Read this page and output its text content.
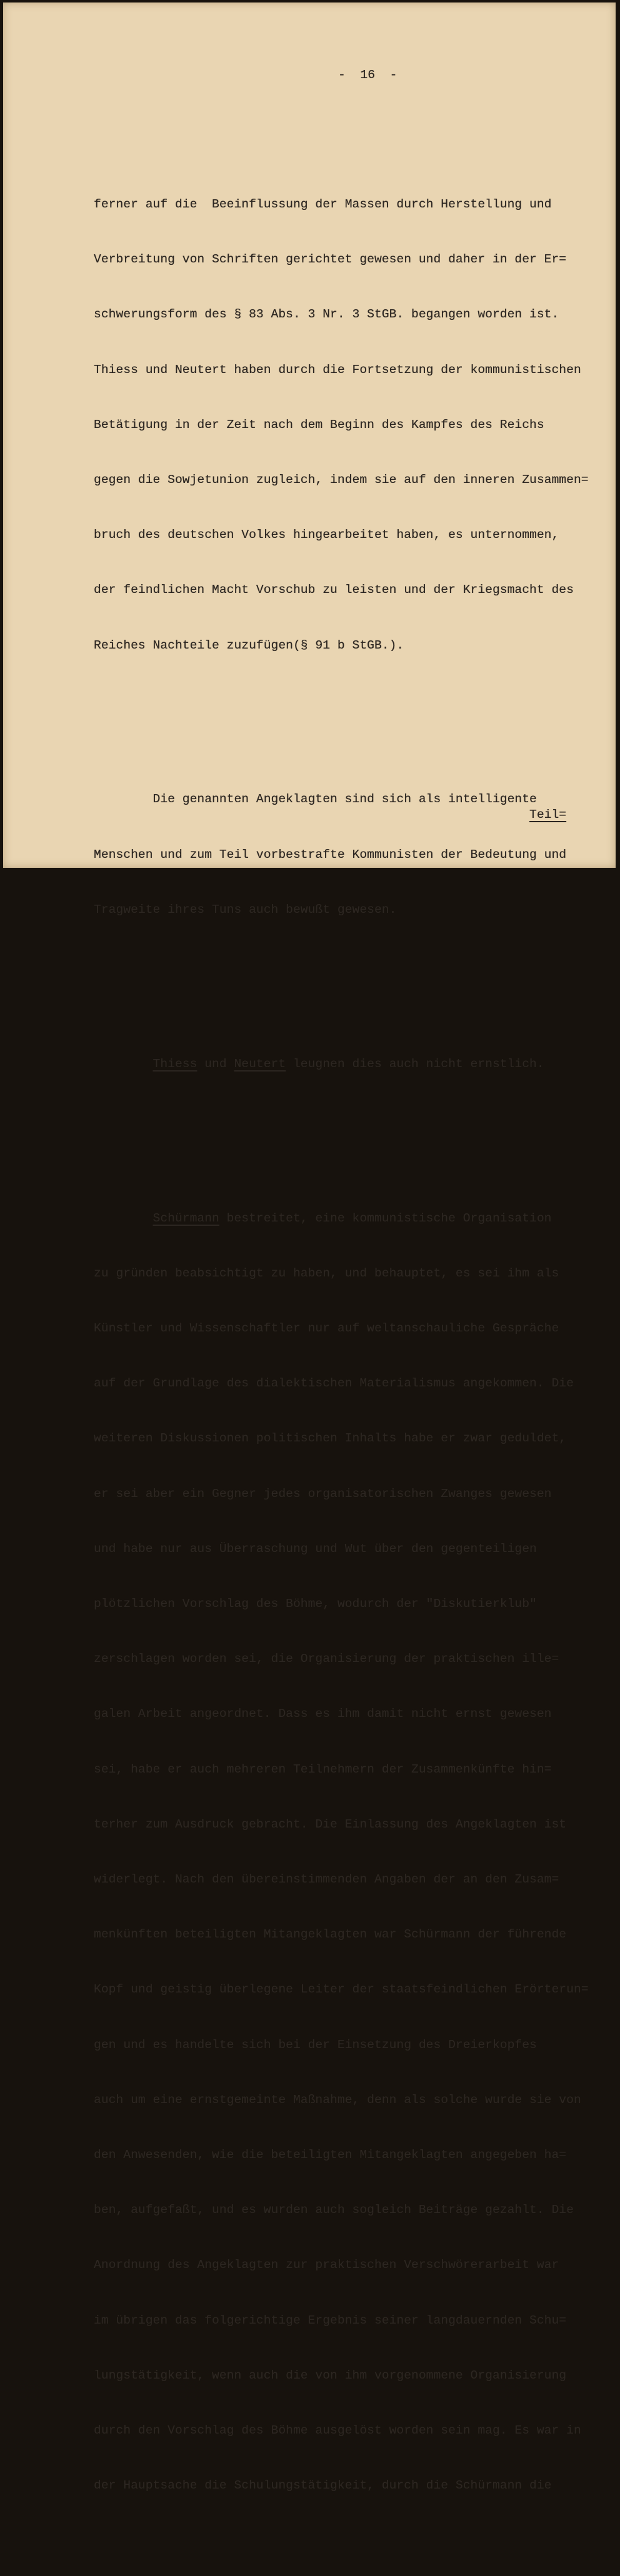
- 16 -

ferner auf die  Beeinflussung der Massen durch Herstellung und

Verbreitung von Schriften gerichtet gewesen und daher in der Er=

schwerungsform des § 83 Abs. 3 Nr. 3 StGB. begangen worden ist.

Thiess und Neutert haben durch die Fortsetzung der kommunistischen

Betätigung in der Zeit nach dem Beginn des Kampfes des Reichs

gegen die Sowjetunion zugleich, indem sie auf den inneren Zusammen=

bruch des deutschen Volkes hingearbeitet haben, es unternommen,

der feindlichen Macht Vorschub zu leisten und der Kriegsmacht des

Reiches Nachteile zuzufügen(§ 91 b StGB.).

Die genannten Angeklagten sind sich als intelligente

Menschen und zum Teil vorbestrafte Kommunisten der Bedeutung und

Tragweite ihres Tuns auch bewußt gewesen.

Thiess und Neutert leugnen dies auch nicht ernstlich.

Schürmann bestreitet, eine kommunistische Organisation

zu gründen beabsichtigt zu haben, und behauptet, es sei ihm als

Künstler und Wissenschaftler nur auf weltanschauliche Gespräche

auf der Grundlage des dialektischen Materialismus angekommen. Die

weiteren Diskussionen politischen Inhalts habe er zwar geduldet,

er sei aber ein Gegner jedes organisatorischen Zwanges gewesen

und habe nur aus Überraschung und Wut über den gegenteiligen

plötzlichen Vorschlag des Böhme, wodurch der "Diskutierklub"

zerschlagen worden sei, die Organisierung der praktischen ille=

galen Arbeit angeordnet. Dass es ihm damit nicht ernst gewesen

sei, habe er auch mehreren Teilnehmern der Zusammenkünfte hin=

terher zum Ausdruck gebracht. Die Einlassung des Angeklagten ist

widerlegt. Nach den übereinstimmenden Angaben der an den Zusam=

menkünften beteiligten Mitangeklagten war Schürmann der führende

Kopf und geistig überlegene Leiter der staatsfeindlichen Erörterun=

gen und es handelte sich bei der Einsetzung des Dreierkopfes

auch um eine ernstgemeinte Maßnahme, denn als solche wurde sie von

den Anwesenden, wie die beteiligten Mitangeklagten angegeben ha=

ben, aufgefaßt, und es wurden auch sogleich Beiträge gezahlt. Die

Anordnung des Angeklagten zur praktischen Verschwörerarbeit war

im übrigen das folgerichtige Ergebnis seiner langdauernden Schu=

lungstätigkeit, wenn auch die von ihm vorgenommene Organisierung

durch den Vorschlag des Böhme ausgelöst worden sein mag. Es war in

der Hauptsache die Schulungstätigkeit, durch die Schürmann die

Teil=
